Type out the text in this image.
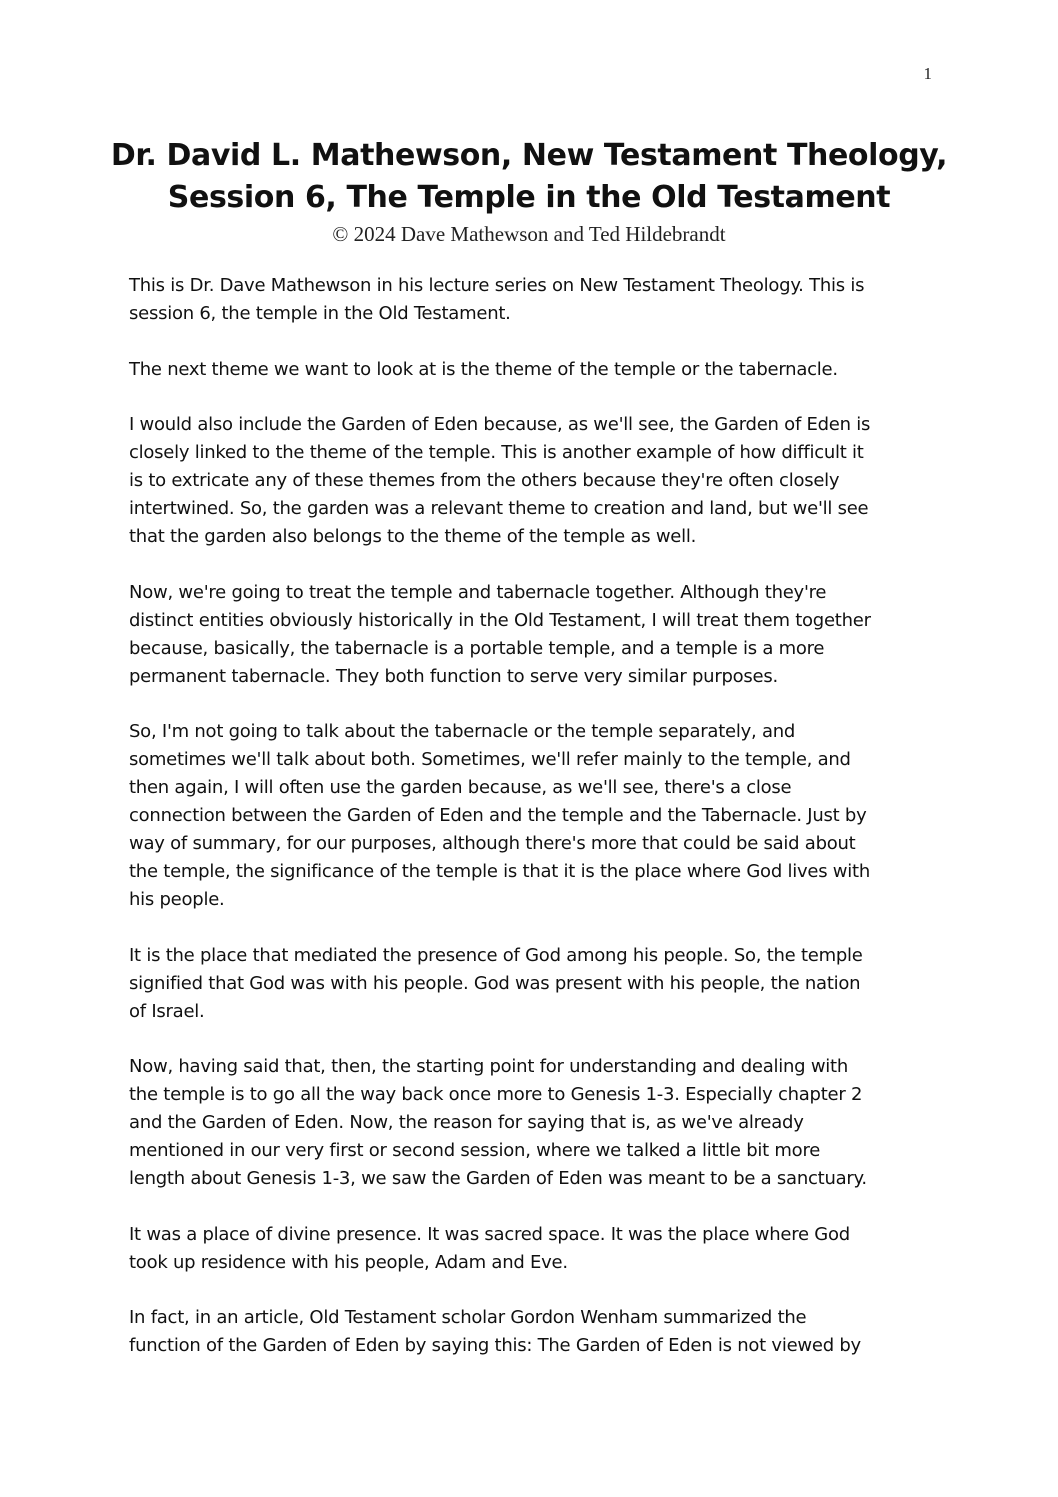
1
Dr. David L. Mathewson, New Testament Theology,
Session 6, The Temple in the Old Testament
© 2024 Dave Mathewson and Ted Hildebrandt

This is Dr. Dave Mathewson in his lecture series on New Testament Theology. This is
session 6, the temple in the Old Testament.

The next theme we want to look at is the theme of the temple or the tabernacle.

I would also include the Garden of Eden because, as we'll see, the Garden of Eden is
closely linked to the theme of the temple. This is another example of how difficult it
is to extricate any of these themes from the others because they're often closely
intertwined. So, the garden was a relevant theme to creation and land, but we'll see
that the garden also belongs to the theme of the temple as well.

Now, we're going to treat the temple and tabernacle together. Although they're
distinct entities obviously historically in the Old Testament, I will treat them together
because, basically, the tabernacle is a portable temple, and a temple is a more
permanent tabernacle. They both function to serve very similar purposes.

So, I'm not going to talk about the tabernacle or the temple separately, and
sometimes we'll talk about both. Sometimes, we'll refer mainly to the temple, and
then again, I will often use the garden because, as we'll see, there's a close
connection between the Garden of Eden and the temple and the Tabernacle. Just by
way of summary, for our purposes, although there's more that could be said about
the temple, the significance of the temple is that it is the place where God lives with
his people.

It is the place that mediated the presence of God among his people. So, the temple
signified that God was with his people. God was present with his people, the nation
of Israel.

Now, having said that, then, the starting point for understanding and dealing with
the temple is to go all the way back once more to Genesis 1-3. Especially chapter 2
and the Garden of Eden. Now, the reason for saying that is, as we've already
mentioned in our very first or second session, where we talked a little bit more
length about Genesis 1-3, we saw the Garden of Eden was meant to be a sanctuary.

It was a place of divine presence. It was sacred space. It was the place where God
took up residence with his people, Adam and Eve.

In fact, in an article, Old Testament scholar Gordon Wenham summarized the
function of the Garden of Eden by saying this: The Garden of Eden is not viewed by
